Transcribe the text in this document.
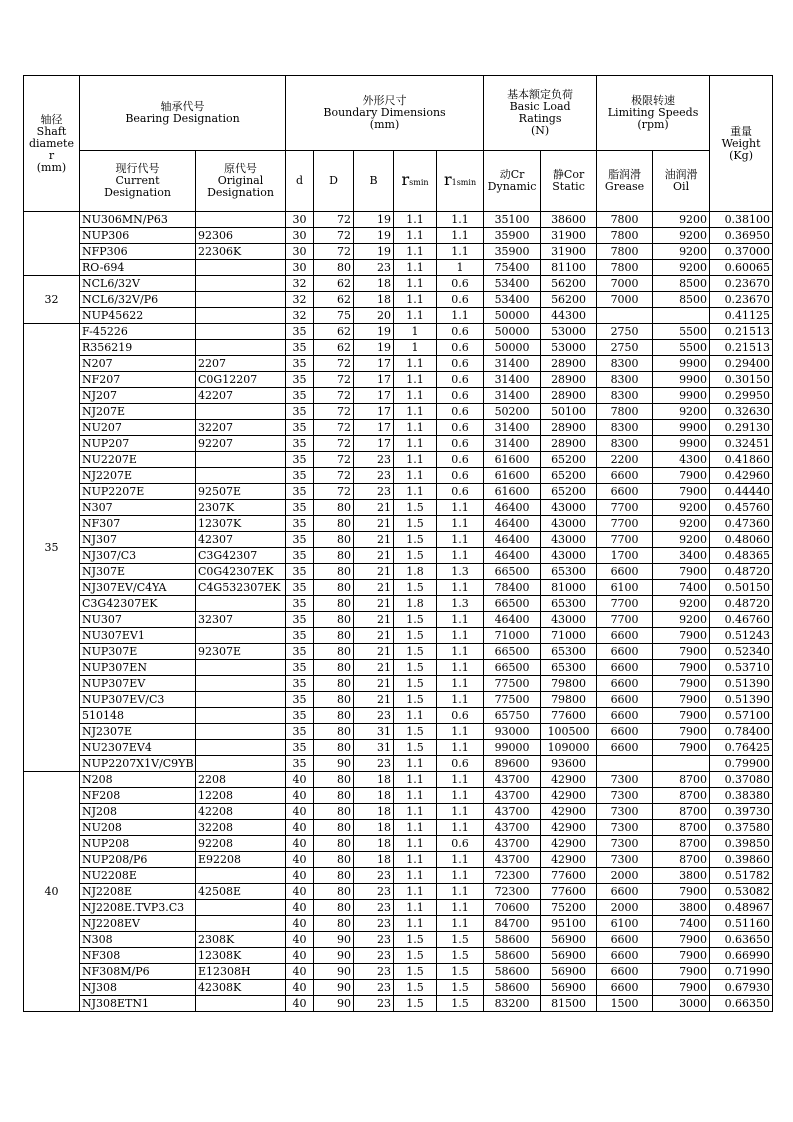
轴径
Shaft
diamete
r
(mm)	轴承代号
Bearing Designation		外形尺寸
Boundary Dimensions
(mm)					基本额定负荷
Basic Load
Ratings
(N)		极限转速
Limiting Speeds
(rpm)		重量
Weight
(Kg)
	现行代号
Current
Designation	原代号
Original
Designation	d	D	B	rsmin	r1smin	动Cr
Dynamic	静Cor
Static	脂润滑
Grease	油润滑
Oil	
	NU306MN/P63		30	72	19	1.1	1.1	35100	38600	7800	9200	0.38100
	NUP306	92306	30	72	19	1.1	1.1	35900	31900	7800	9200	0.36950
	NFP306	22306K	30	72	19	1.1	1.1	35900	31900	7800	9200	0.37000
	RO-694		30	80	23	1.1	1	75400	81100	7800	9200	0.60065
32	NCL6/32V		32	62	18	1.1	0.6	53400	56200	7000	8500	0.23670
	NCL6/32V/P6		32	62	18	1.1	0.6	53400	56200	7000	8500	0.23670
	NUP45622		32	75	20	1.1	1.1	50000	44300			0.41125
35	F-45226		35	62	19	1	0.6	50000	53000	2750	5500	0.21513
	R356219		35	62	19	1	0.6	50000	53000	2750	5500	0.21513
	N207	2207	35	72	17	1.1	0.6	31400	28900	8300	9900	0.29400
	NF207	C0G12207	35	72	17	1.1	0.6	31400	28900	8300	9900	0.30150
	NJ207	42207	35	72	17	1.1	0.6	31400	28900	8300	9900	0.29950
	NJ207E		35	72	17	1.1	0.6	50200	50100	7800	9200	0.32630
	NU207	32207	35	72	17	1.1	0.6	31400	28900	8300	9900	0.29130
	NUP207	92207	35	72	17	1.1	0.6	31400	28900	8300	9900	0.32451
	NU2207E		35	72	23	1.1	0.6	61600	65200	2200	4300	0.41860
	NJ2207E		35	72	23	1.1	0.6	61600	65200	6600	7900	0.42960
	NUP2207E	92507E	35	72	23	1.1	0.6	61600	65200	6600	7900	0.44440
	N307	2307K	35	80	21	1.5	1.1	46400	43000	7700	9200	0.45760
	NF307	12307K	35	80	21	1.5	1.1	46400	43000	7700	9200	0.47360
	NJ307	42307	35	80	21	1.5	1.1	46400	43000	7700	9200	0.48060
	NJ307/C3	C3G42307	35	80	21	1.5	1.1	46400	43000	1700	3400	0.48365
	NJ307E	C0G42307EK	35	80	21	1.8	1.3	66500	65300	6600	7900	0.48720
	NJ307EV/C4YA	C4G532307EK	35	80	21	1.5	1.1	78400	81000	6100	7400	0.50150
	C3G42307EK		35	80	21	1.8	1.3	66500	65300	7700	9200	0.48720
	NU307	32307	35	80	21	1.5	1.1	46400	43000	7700	9200	0.46760
	NU307EV1		35	80	21	1.5	1.1	71000	71000	6600	7900	0.51243
	NUP307E	92307E	35	80	21	1.5	1.1	66500	65300	6600	7900	0.52340
	NUP307EN		35	80	21	1.5	1.1	66500	65300	6600	7900	0.53710
	NUP307EV		35	80	21	1.5	1.1	77500	79800	6600	7900	0.51390
	NUP307EV/C3		35	80	21	1.5	1.1	77500	79800	6600	7900	0.51390
	510148		35	80	23	1.1	0.6	65750	77600	6600	7900	0.57100
	NJ2307E		35	80	31	1.5	1.1	93000	100500	6600	7900	0.78400
	NU2307EV4		35	80	31	1.5	1.1	99000	109000	6600	7900	0.76425
	NUP2207X1V/C9YB		35	90	23	1.1	0.6	89600	93600			0.79900
40	N208	2208	40	80	18	1.1	1.1	43700	42900	7300	8700	0.37080
	NF208	12208	40	80	18	1.1	1.1	43700	42900	7300	8700	0.38380
	NJ208	42208	40	80	18	1.1	1.1	43700	42900	7300	8700	0.39730
	NU208	32208	40	80	18	1.1	1.1	43700	42900	7300	8700	0.37580
	NUP208	92208	40	80	18	1.1	0.6	43700	42900	7300	8700	0.39850
	NUP208/P6	E92208	40	80	18	1.1	1.1	43700	42900	7300	8700	0.39860
	NU2208E		40	80	23	1.1	1.1	72300	77600	2000	3800	0.51782
	NJ2208E	42508E	40	80	23	1.1	1.1	72300	77600	6600	7900	0.53082
	NJ2208E.TVP3.C3		40	80	23	1.1	1.1	70600	75200	2000	3800	0.48967
	NJ2208EV		40	80	23	1.1	1.1	84700	95100	6100	7400	0.51160
	N308	2308K	40	90	23	1.5	1.5	58600	56900	6600	7900	0.63650
	NF308	12308K	40	90	23	1.5	1.5	58600	56900	6600	7900	0.66990
	NF308M/P6	E12308H	40	90	23	1.5	1.5	58600	56900	6600	7900	0.71990
	NJ308	42308K	40	90	23	1.5	1.5	58600	56900	6600	7900	0.67930
	NJ308ETN1		40	90	23	1.5	1.5	83200	81500	1500	3000	0.66350
